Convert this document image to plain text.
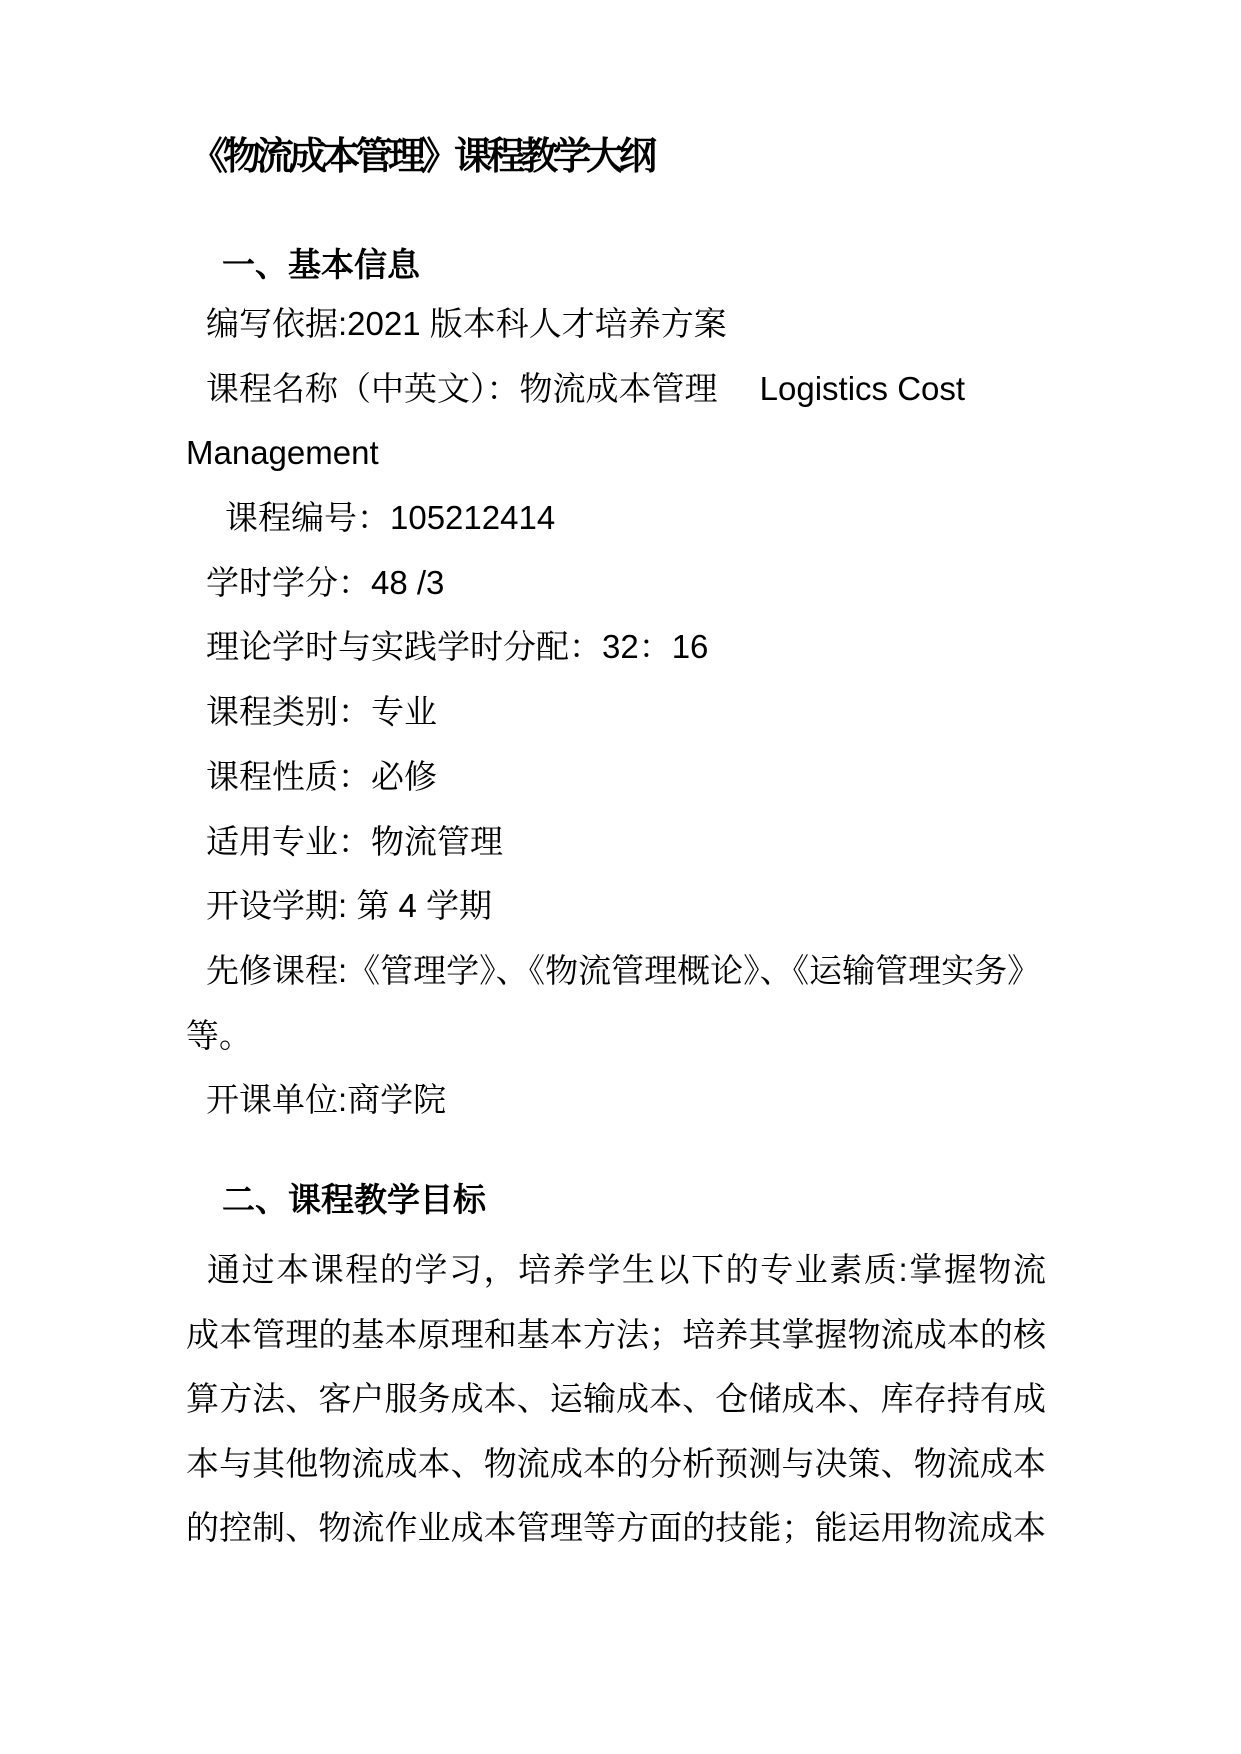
《物流成本管理》课程教学大纲
一、基本信息
编写依据:2021 版本科人才培养方案
课程名称（中英文）：物流成本管理　 Logistics Cost
Management
课程编号：105212414
学时学分：48 /3
理论学时与实践学时分配：32：16
课程类别：专业
课程性质：必修
适用专业：物流管理
开设学期: 第 4 学期
先修课程:《管理学》、《物流管理概论》、《运输管理实务》
等。
开课单位:商学院
二、课程教学目标
通过本课程的学习，培养学生以下的专业素质:掌握物流
成本管理的基本原理和基本方法；培养其掌握物流成本的核
算方法、客户服务成本、运输成本、仓储成本、库存持有成
本与其他物流成本、物流成本的分析预测与决策、物流成本
的控制、物流作业成本管理等方面的技能；能运用物流成本
